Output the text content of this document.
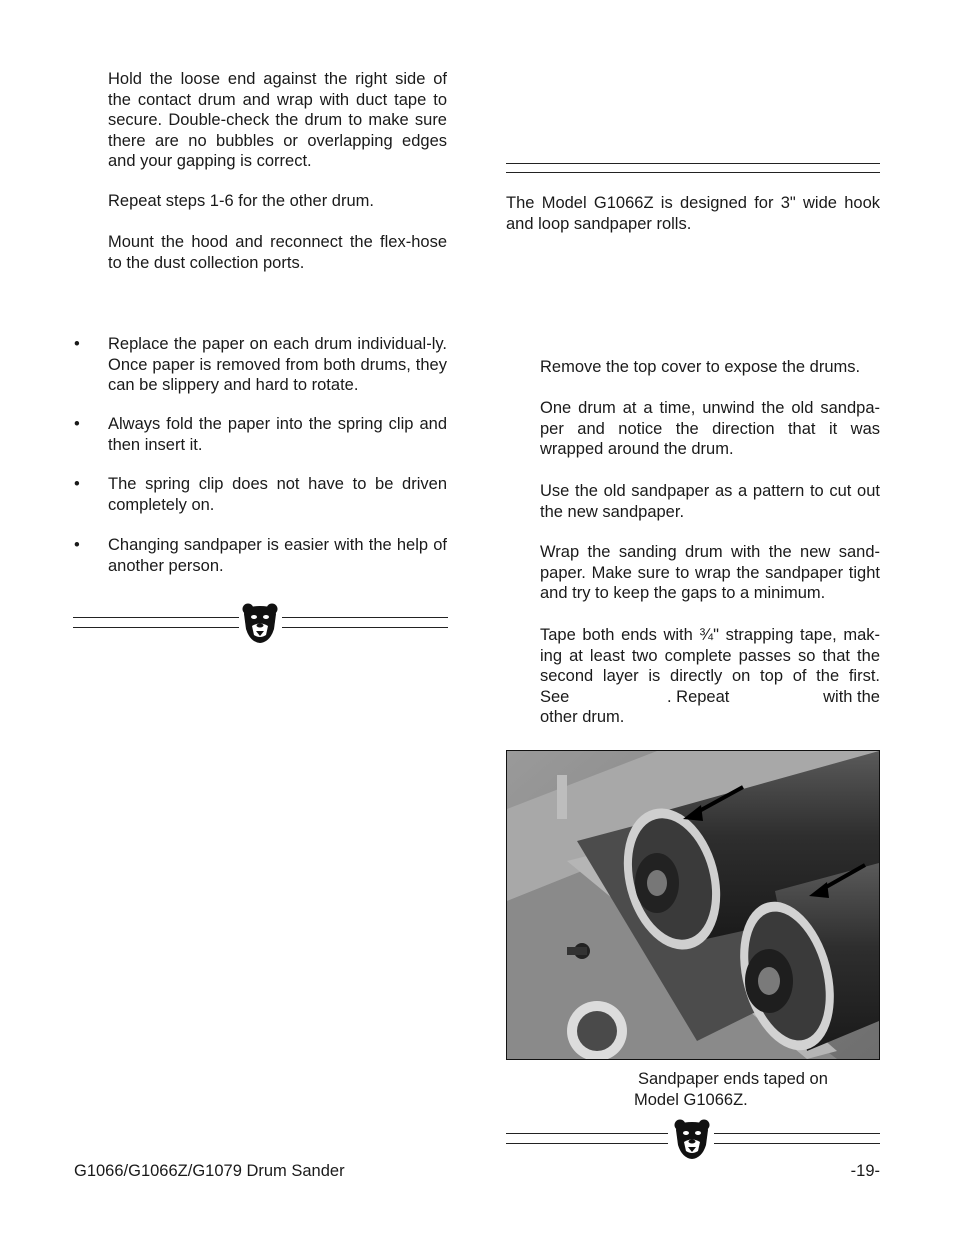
Hold the loose end against the right side of the contact drum and wrap with duct tape to secure. Double-check the drum to make sure there are no bubbles or overlapping edges and your gapping is correct.

Repeat steps 1-6 for the other drum.

Mount the hood and reconnect the flex-hose to the dust collection ports.

• Replace the paper on each drum individual-ly. Once paper is removed from both drums, they can be slippery and hard to rotate.

• Always fold the paper into the spring clip and then insert it.

• The spring clip does not have to be driven completely on.

• Changing sandpaper is easier with the help of another person.

The Model G1066Z is designed for 3" wide hook and loop sandpaper rolls.

Remove the top cover to expose the drums.

One drum at a time, unwind the old sandpa-per and notice the direction that it was wrapped around the drum.

Use the old sandpaper as a pattern to cut out the new sandpaper.

Wrap the sanding drum with the new sand-paper. Make sure to wrap the sandpaper tight and try to keep the gaps to a minimum.

Tape both ends with ¾" strapping tape, mak-
ing at least two complete passes so that the
second layer is directly on top of the first.
See	. Repeat	with the
other drum.
Sandpaper ends taped on
Model G1066Z.
G1066/G1066Z/G1079 Drum Sander	-19-
